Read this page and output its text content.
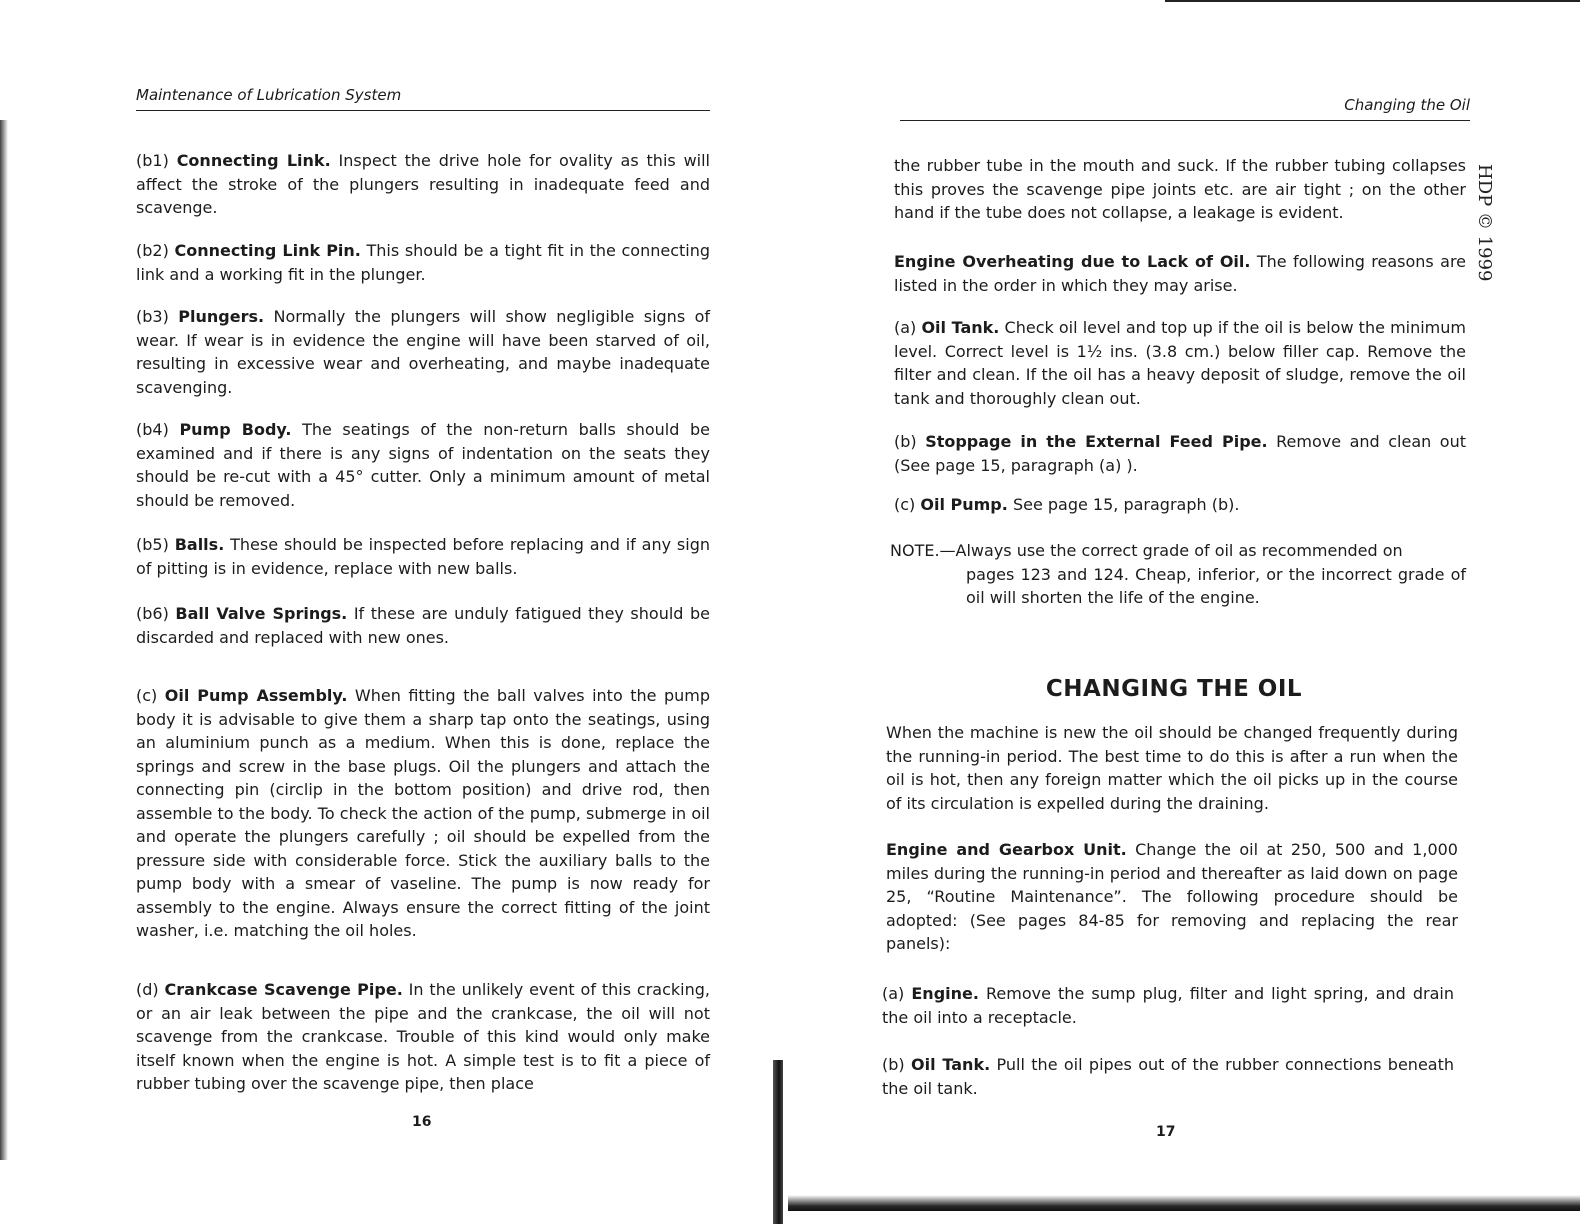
Maintenance of Lubrication System

(b1) Connecting Link. Inspect the drive hole for ovality as this will affect the stroke of the plungers resulting in inadequate feed and scavenge.

(b2) Connecting Link Pin. This should be a tight fit in the connecting link and a working fit in the plunger.

(b3) Plungers. Normally the plungers will show negligible signs of wear. If wear is in evidence the engine will have been starved of oil, resulting in excessive wear and overheating, and maybe inadequate scavenging.

(b4) Pump Body. The seatings of the non-return balls should be examined and if there is any signs of indentation on the seats they should be re-cut with a 45° cutter. Only a minimum amount of metal should be removed.

(b5) Balls. These should be inspected before replacing and if any sign of pitting is in evidence, replace with new balls.

(b6) Ball Valve Springs. If these are unduly fatigued they should be discarded and replaced with new ones.

(c) Oil Pump Assembly. When fitting the ball valves into the pump body it is advisable to give them a sharp tap onto the seatings, using an aluminium punch as a medium. When this is done, replace the springs and screw in the base plugs. Oil the plungers and attach the connecting pin (circlip in the bottom position) and drive rod, then assemble to the body. To check the action of the pump, submerge in oil and operate the plungers carefully ; oil should be expelled from the pressure side with considerable force. Stick the auxiliary balls to the pump body with a smear of vaseline. The pump is now ready for assembly to the engine. Always ensure the correct fitting of the joint washer, i.e. matching the oil holes.

(d) Crankcase Scavenge Pipe. In the unlikely event of this cracking, or an air leak between the pipe and the crankcase, the oil will not scavenge from the crankcase. Trouble of this kind would only make itself known when the engine is hot. A simple test is to fit a piece of rubber tubing over the scavenge pipe, then place

16
Changing the Oil
HDP © 1999

the rubber tube in the mouth and suck. If the rubber tubing collapses this proves the scavenge pipe joints etc. are air tight ; on the other hand if the tube does not collapse, a leakage is evident.

Engine Overheating due to Lack of Oil. The following reasons are listed in the order in which they may arise.

(a) Oil Tank. Check oil level and top up if the oil is below the minimum level. Correct level is 1½ ins. (3.8 cm.) below filler cap. Remove the filter and clean. If the oil has a heavy deposit of sludge, remove the oil tank and thoroughly clean out.

(b) Stoppage in the External Feed Pipe. Remove and clean out (See page 15, paragraph (a) ).

(c) Oil Pump. See page 15, paragraph (b).

NOTE.—Always use the correct grade of oil as recommended on
pages 123 and 124. Cheap, inferior, or the incorrect grade of oil will shorten the life of the engine.
CHANGING THE OIL

When the machine is new the oil should be changed frequently during the running-in period. The best time to do this is after a run when the oil is hot, then any foreign matter which the oil picks up in the course of its circulation is expelled during the draining.

Engine and Gearbox Unit. Change the oil at 250, 500 and 1,000 miles during the running-in period and thereafter as laid down on page 25, “Routine Maintenance”. The following procedure should be adopted: (See pages 84-85 for removing and replacing the rear panels):

(a) Engine. Remove the sump plug, filter and light spring, and drain the oil into a receptacle.

(b) Oil Tank. Pull the oil pipes out of the rubber connections beneath the oil tank.

17
